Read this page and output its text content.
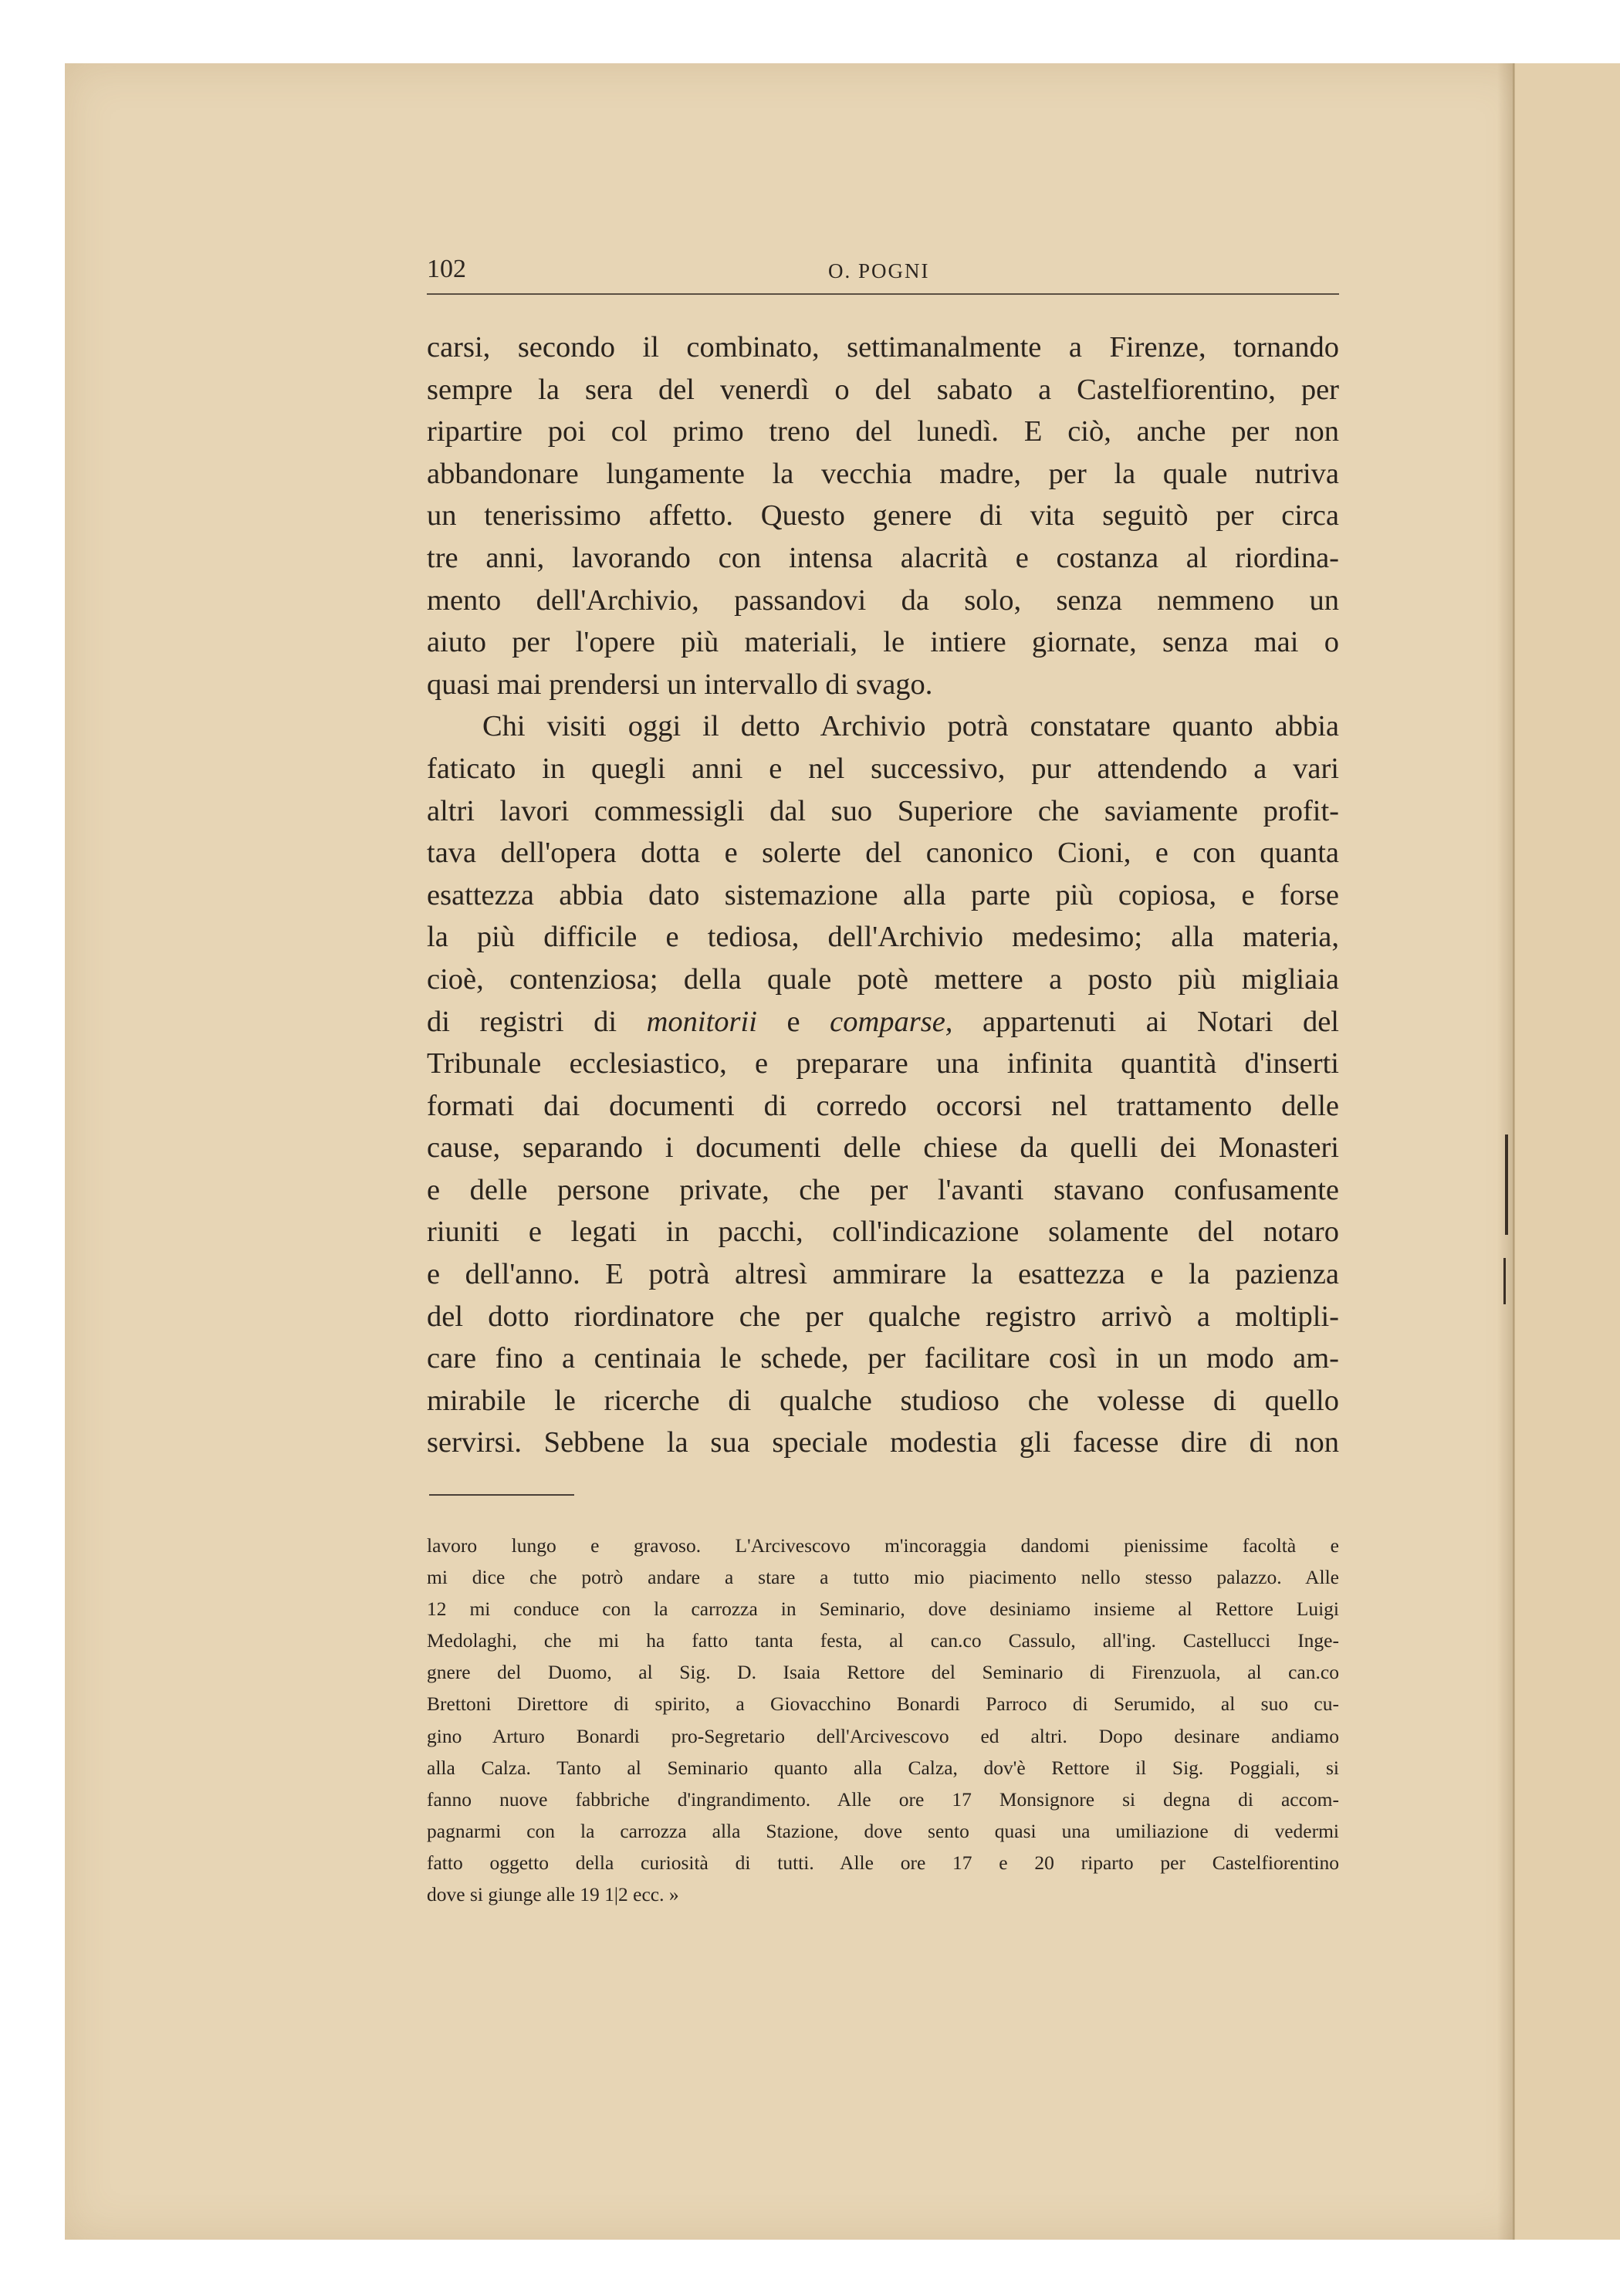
102	O. POGNI
carsi, secondo il combinato, settimanalmente a Firenze, tornando
sempre la sera del venerdì o del sabato a Castelfiorentino, per
ripartire poi col primo treno del lunedì. E ciò, anche per non
abbandonare lungamente la vecchia madre, per la quale nutriva
un tenerissimo affetto. Questo genere di vita seguitò per circa
tre anni, lavorando con intensa alacrità e costanza al riordina-
mento dell'Archivio, passandovi da solo, senza nemmeno un
aiuto per l'opere più materiali, le intiere giornate, senza mai o
quasi mai prendersi un intervallo di svago.
Chi visiti oggi il detto Archivio potrà constatare quanto abbia
faticato in quegli anni e nel successivo, pur attendendo a vari
altri lavori commessigli dal suo Superiore che saviamente profit-
tava dell'opera dotta e solerte del canonico Cioni, e con quanta
esattezza abbia dato sistemazione alla parte più copiosa, e forse
la più difficile e tediosa, dell'Archivio medesimo; alla materia,
cioè, contenziosa; della quale potè mettere a posto più migliaia
di registri di monitorii e comparse, appartenuti ai Notari del
Tribunale ecclesiastico, e preparare una infinita quantità d'inserti
formati dai documenti di corredo occorsi nel trattamento delle
cause, separando i documenti delle chiese da quelli dei Monasteri
e delle persone private, che per l'avanti stavano confusamente
riuniti e legati in pacchi, coll'indicazione solamente del notaro
e dell'anno. E potrà altresì ammirare la esattezza e la pazienza
del dotto riordinatore che per qualche registro arrivò a moltipli-
care fino a centinaia le schede, per facilitare così in un modo am-
mirabile le ricerche di qualche studioso che volesse di quello
servirsi. Sebbene la sua speciale modestia gli facesse dire di non
lavoro lungo e gravoso. L'Arcivescovo m'incoraggia dandomi pienissime facoltà e
mi dice che potrò andare a stare a tutto mio piacimento nello stesso palazzo. Alle
12 mi conduce con la carrozza in Seminario, dove desiniamo insieme al Rettore Luigi
Medolaghi, che mi ha fatto tanta festa, al can.co Cassulo, all'ing. Castellucci Inge-
gnere del Duomo, al Sig. D. Isaia Rettore del Seminario di Firenzuola, al can.co
Brettoni Direttore di spirito, a Giovacchino Bonardi Parroco di Serumido, al suo cu-
gino Arturo Bonardi pro-Segretario dell'Arcivescovo ed altri. Dopo desinare andiamo
alla Calza. Tanto al Seminario quanto alla Calza, dov'è Rettore il Sig. Poggiali, si
fanno nuove fabbriche d'ingrandimento. Alle ore 17 Monsignore si degna di accom-
pagnarmi con la carrozza alla Stazione, dove sento quasi una umiliazione di vedermi
fatto oggetto della curiosità di tutti. Alle ore 17 e 20 riparto per Castelfiorentino
dove si giunge alle 19 1|2 ecc. »
